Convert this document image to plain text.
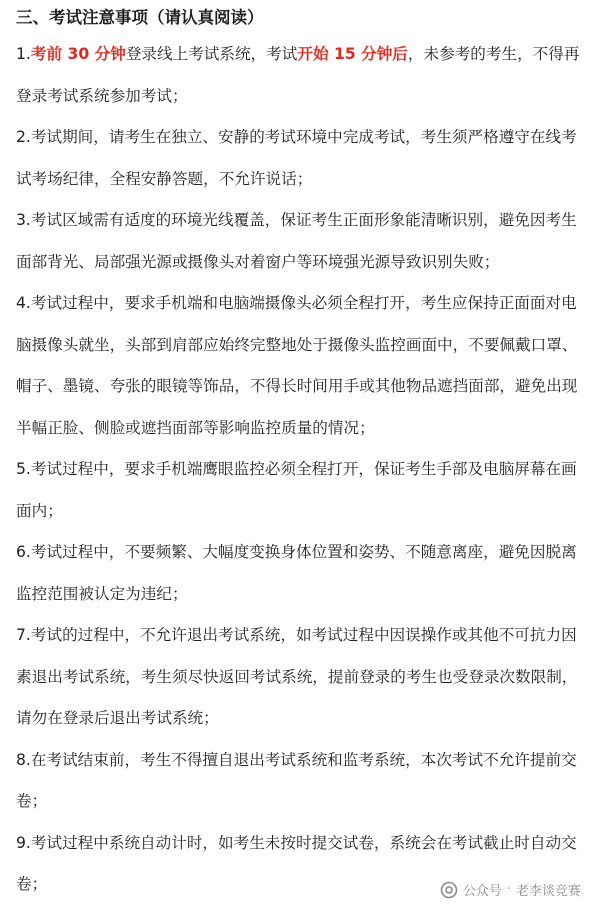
三、考试注意事项（请认真阅读）

1.考前 30 分钟登录线上考试系统，考试开始 15 分钟后，未参考的考生，不得再登录考试系统参加考试；

2.考试期间，请考生在独立、安静的考试环境中完成考试，考生须严格遵守在线考试考场纪律，全程安静答题，不允许说话；

3.考试区域需有适度的环境光线覆盖，保证考生正面形象能清晰识别，避免因考生面部背光、局部强光源或摄像头对着窗户等环境强光源导致识别失败；

4.考试过程中，要求手机端和电脑端摄像头必须全程打开，考生应保持正面面对电脑摄像头就坐，头部到肩部应始终完整地处于摄像头监控画面中，不要佩戴口罩、帽子、墨镜、夸张的眼镜等饰品，不得长时间用手或其他物品遮挡面部，避免出现半幅正脸、侧脸或遮挡面部等影响监控质量的情况；

5.考试过程中，要求手机端鹰眼监控必须全程打开，保证考生手部及电脑屏幕在画面内；

6.考试过程中，不要频繁、大幅度变换身体位置和姿势、不随意离座，避免因脱离监控范围被认定为违纪；

7.考试的过程中，不允许退出考试系统，如考试过程中因误操作或其他不可抗力因素退出考试系统，考生须尽快返回考试系统，提前登录的考生也受登录次数限制，请勿在登录后退出考试系统；

8.在考试结束前，考生不得擅自退出考试系统和监考系统，本次考试不允许提前交卷；

9.考试过程中系统自动计时，如考生未按时提交试卷，系统会在考试截止时自动交卷；	公众号 · 老李谈竞赛
